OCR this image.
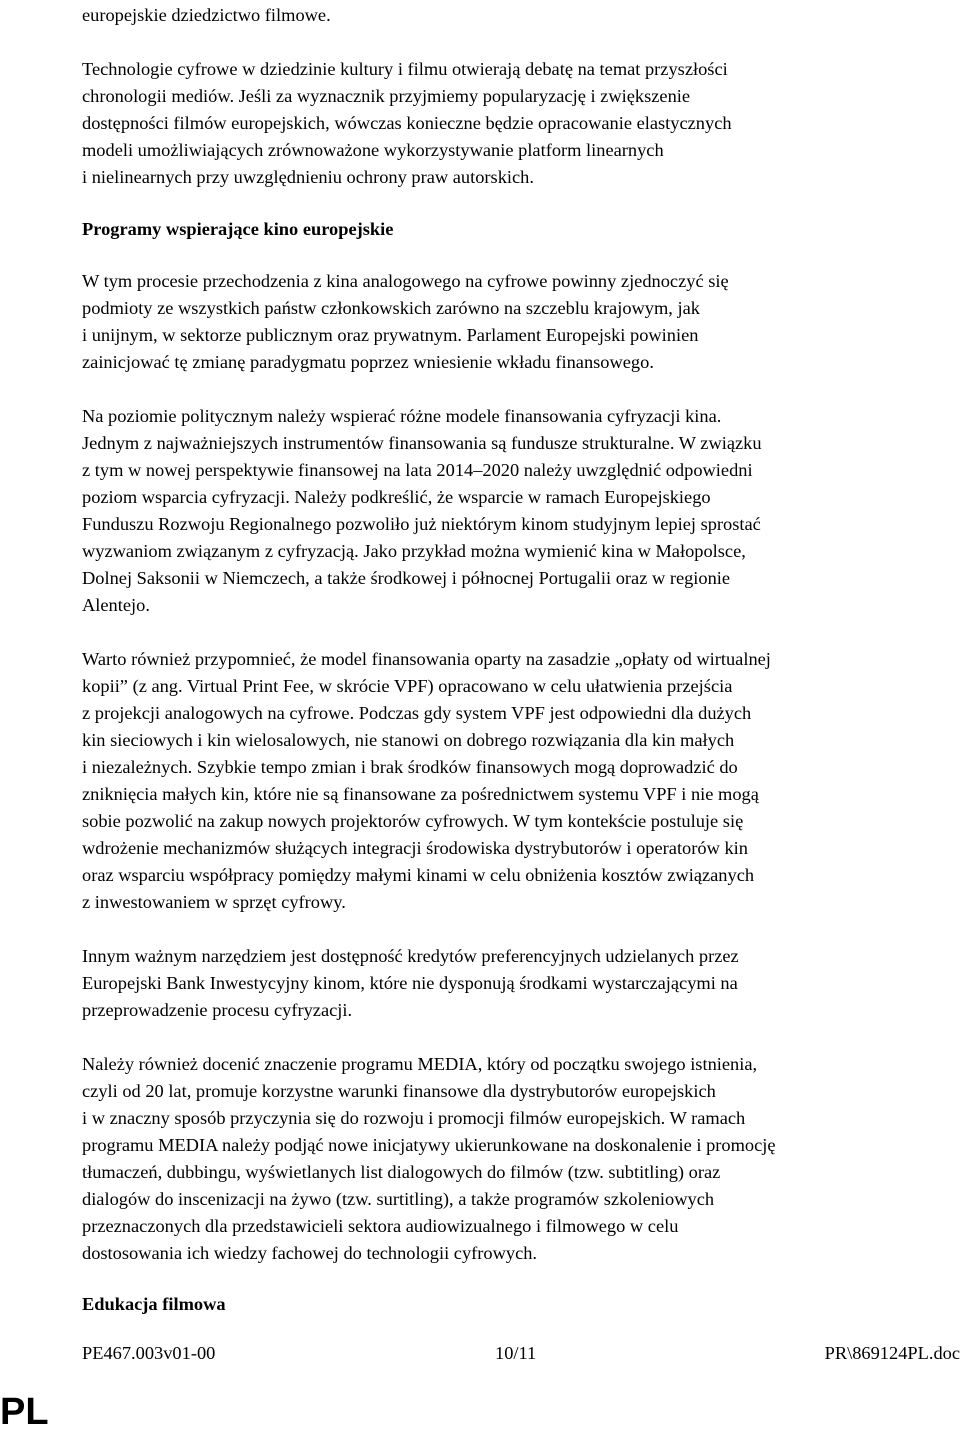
europejskie dziedzictwo filmowe.

Technologie cyfrowe w dziedzinie kultury i filmu otwierają debatę na temat przyszłości
chronologii mediów. Jeśli za wyznacznik przyjmiemy popularyzację i zwiększenie
dostępności filmów europejskich, wówczas konieczne będzie opracowanie elastycznych
modeli umożliwiających zrównoważone wykorzystywanie platform linearnych
i nielinearnych przy uwzględnieniu ochrony praw autorskich.

Programy wspierające kino europejskie

W tym procesie przechodzenia z kina analogowego na cyfrowe powinny zjednoczyć się
podmioty ze wszystkich państw członkowskich zarówno na szczeblu krajowym, jak
i unijnym, w sektorze publicznym oraz prywatnym. Parlament Europejski powinien
zainicjować tę zmianę paradygmatu poprzez wniesienie wkładu finansowego.

Na poziomie politycznym należy wspierać różne modele finansowania cyfryzacji kina.
Jednym z najważniejszych instrumentów finansowania są fundusze strukturalne. W związku
z tym w nowej perspektywie finansowej na lata 2014–2020 należy uwzględnić odpowiedni
poziom wsparcia cyfryzacji. Należy podkreślić, że wsparcie w ramach Europejskiego
Funduszu Rozwoju Regionalnego pozwoliło już niektórym kinom studyjnym lepiej sprostać
wyzwaniom związanym z cyfryzacją. Jako przykład można wymienić kina w Małopolsce,
Dolnej Saksonii w Niemczech, a także środkowej i północnej Portugalii oraz w regionie
Alentejo.

Warto również przypomnieć, że model finansowania oparty na zasadzie „opłaty od wirtualnej
kopii” (z ang. Virtual Print Fee, w skrócie VPF) opracowano w celu ułatwienia przejścia
z projekcji analogowych na cyfrowe. Podczas gdy system VPF jest odpowiedni dla dużych
kin sieciowych i kin wielosalowych, nie stanowi on dobrego rozwiązania dla kin małych
i niezależnych. Szybkie tempo zmian i brak środków finansowych mogą doprowadzić do
zniknięcia małych kin, które nie są finansowane za pośrednictwem systemu VPF i nie mogą
sobie pozwolić na zakup nowych projektorów cyfrowych. W tym kontekście postuluje się
wdrożenie mechanizmów służących integracji środowiska dystrybutorów i operatorów kin
oraz wsparciu współpracy pomiędzy małymi kinami w celu obniżenia kosztów związanych
z inwestowaniem w sprzęt cyfrowy.

Innym ważnym narzędziem jest dostępność kredytów preferencyjnych udzielanych przez
Europejski Bank Inwestycyjny kinom, które nie dysponują środkami wystarczającymi na
przeprowadzenie procesu cyfryzacji.

Należy również docenić znaczenie programu MEDIA, który od początku swojego istnienia,
czyli od 20 lat, promuje korzystne warunki finansowe dla dystrybutorów europejskich
i w znaczny sposób przyczynia się do rozwoju i promocji filmów europejskich. W ramach
programu MEDIA należy podjąć nowe inicjatywy ukierunkowane na doskonalenie i promocję
tłumaczeń, dubbingu, wyświetlanych list dialogowych do filmów (tzw. subtitling) oraz
dialogów do inscenizacji na żywo (tzw. surtitling), a także programów szkoleniowych
przeznaczonych dla przedstawicieli sektora audiowizualnego i filmowego w celu
dostosowania ich wiedzy fachowej do technologii cyfrowych.

Edukacja filmowa

PE467.003v01-00	10/11	PR\869124PL.doc
PL
